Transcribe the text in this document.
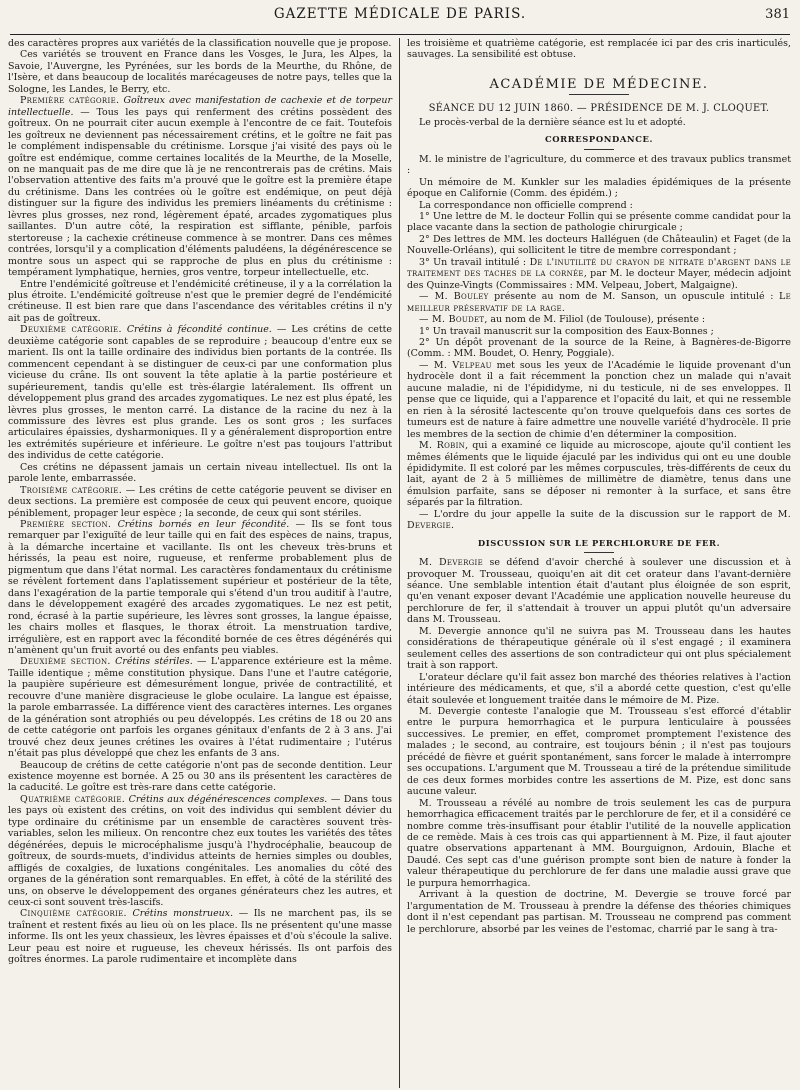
GAZETTE MÉDICALE DE PARIS.	381

des caractères propres aux variétés de la classification nouvelle que je propose.

Ces variétés se trouvent en France dans les Vosges, le Jura, les Alpes, la Savoie, l'Auvergne, les Pyrénées, sur les bords de la Meurthe, du Rhône, de l'Isère, et dans beaucoup de localités marécageuses de notre pays, telles que la Sologne, les Landes, le Berry, etc.

Première catégorie. Goîtreux avec manifestation de cachexie et de torpeur intellectuelle. — Tous les pays qui renferment des crétins possèdent des goîtreux. On ne pourrait citer aucun exemple à l'encontre de ce fait. Toutefois les goîtreux ne deviennent pas nécessairement crétins, et le goître ne fait pas le complément indispensable du crétinisme. Lorsque j'ai visité des pays où le goître est endémique, comme certaines localités de la Meurthe, de la Moselle, on ne manquait pas de me dire que là je ne rencontrerais pas de crétins. Mais l'observation attentive des faits m'a prouvé que le goître est la première étape du crétinisme. Dans les contrées où le goître est endémique, on peut déjà distinguer sur la figure des individus les premiers linéaments du crétinisme : lèvres plus grosses, nez rond, légèrement épaté, arcades zygomatiques plus saillantes. D'un autre côté, la respiration est sifflante, pénible, parfois stertoreuse ; la cachexie crétineuse commence à se montrer. Dans ces mêmes contrées, lorsqu'il y a complication d'éléments paludéens, la dégénérescence se montre sous un aspect qui se rapproche de plus en plus du crétinisme : tempérament lymphatique, hernies, gros ventre, torpeur intellectuelle, etc.

Entre l'endémicité goîtreuse et l'endémicité crétineuse, il y a la corrélation la plus étroite. L'endémicité goîtreuse n'est que le premier degré de l'endémicité crétineuse. Il est bien rare que dans l'ascendance des véritables crétins il n'y ait pas de goîtreux.

Deuxième catégorie. Crétins à fécondité continue. — Les crétins de cette deuxième catégorie sont capables de se reproduire ; beaucoup d'entre eux se marient. Ils ont la taille ordinaire des individus bien portants de la contrée. Ils commencent cependant à se distinguer de ceux-ci par une conformation plus vicieuse du crâne. Ils ont souvent la tête aplatie à la partie postérieure et supérieurement, tandis qu'elle est très-élargie latéralement. Ils offrent un développement plus grand des arcades zygomatiques. Le nez est plus épaté, les lèvres plus grosses, le menton carré. La distance de la racine du nez à la commissure des lèvres est plus grande. Les os sont gros ; les surfaces articulaires épaissies, dysharmoniques. Il y a généralement disproportion entre les extrémités supérieure et inférieure. Le goître n'est pas toujours l'attribut des individus de cette catégorie.

Ces crétins ne dépassent jamais un certain niveau intellectuel. Ils ont la parole lente, embarrassée.

Troisième catégorie. — Les crétins de cette catégorie peuvent se diviser en deux sections. La première est composée de ceux qui peuvent encore, quoique péniblement, propager leur espèce ; la seconde, de ceux qui sont stériles.

Première section. Crétins bornés en leur fécondité. — Ils se font tous remarquer par l'exiguïté de leur taille qui en fait des espèces de nains, trapus, à la démarche incertaine et vacillante. Ils ont les cheveux très-bruns et hérissés, la peau est noire, rugueuse, et renferme probablement plus de pigmentum que dans l'état normal. Les caractères fondamentaux du crétinisme se révèlent fortement dans l'aplatissement supérieur et postérieur de la tête, dans l'exagération de la partie temporale qui s'étend d'un trou auditif à l'autre, dans le développement exagéré des arcades zygomatiques. Le nez est petit, rond, écrasé à la partie supérieure, les lèvres sont grosses, la langue épaisse, les chairs molles et flasques, le thorax étroit. La menstruation tardive, irrégulière, est en rapport avec la fécondité bornée de ces êtres dégénérés qui n'amènent qu'un fruit avorté ou des enfants peu viables.

Deuxième section. Crétins stériles. — L'apparence extérieure est la même. Taille identique ; même constitution physique. Dans l'une et l'autre catégorie, la paupière supérieure est démesurément longue, privée de contractilité, et recouvre d'une manière disgracieuse le globe oculaire. La langue est épaisse, la parole embarrassée. La différence vient des caractères internes. Les organes de la génération sont atrophiés ou peu développés. Les crétins de 18 ou 20 ans de cette catégorie ont parfois les organes génitaux d'enfants de 2 à 3 ans. J'ai trouvé chez deux jeunes crétines les ovaires à l'état rudimentaire ; l'utérus n'était pas plus développé que chez les enfants de 3 ans.

Beaucoup de crétins de cette catégorie n'ont pas de seconde dentition. Leur existence moyenne est bornée. A 25 ou 30 ans ils présentent les caractères de la caducité. Le goître est très-rare dans cette catégorie.

Quatrième catégorie. Crétins aux dégénérescences complexes. — Dans tous les pays où existent des crétins, on voit des individus qui semblent dévier du type ordinaire du crétinisme par un ensemble de caractères souvent très-variables, selon les milieux. On rencontre chez eux toutes les variétés des têtes dégénérées, depuis le microcéphalisme jusqu'à l'hydrocéphalie, beaucoup de goîtreux, de sourds-muets, d'individus atteints de hernies simples ou doubles, affligés de coxalgies, de luxations congénitales. Les anomalies du côté des organes de la génération sont remarquables. En effet, à côté de la stérilité des uns, on observe le développement des organes générateurs chez les autres, et ceux-ci sont souvent très-lascifs.

Cinquième catégorie. Crétins monstrueux. — Ils ne marchent pas, ils se traînent et restent fixés au lieu où on les place. Ils ne présentent qu'une masse informe. Ils ont les yeux chassieux, les lèvres épaisses et d'où s'écoule la salive. Leur peau est noire et rugueuse, les cheveux hérissés. Ils ont parfois des goîtres énormes. La parole rudimentaire et incomplète dans

les troisième et quatrième catégorie, est remplacée ici par des cris inarticulés, sauvages. La sensibilité est obtuse.

ACADÉMIE DE MÉDECINE.
SÉANCE DU 12 JUIN 1860. — PRÉSIDENCE DE M. J. CLOQUET.

Le procès-verbal de la dernière séance est lu et adopté.

CORRESPONDANCE.

M. le ministre de l'agriculture, du commerce et des travaux publics transmet :

Un mémoire de M. Kunkler sur les maladies épidémiques de la présente époque en Californie (Comm. des épidém.) ;

La correspondance non officielle comprend :

1° Une lettre de M. le docteur Follin qui se présente comme candidat pour la place vacante dans la section de pathologie chirurgicale ;

2° Des lettres de MM. les docteurs Halléguen (de Châteaulin) et Faget (de la Nouvelle-Orléans), qui sollicitent le titre de membre correspondant ;

3° Un travail intitulé : De l'inutilité du crayon de nitrate d'argent dans le traitement des taches de la cornée, par M. le docteur Mayer, médecin adjoint des Quinze-Vingts (Commissaires : MM. Velpeau, Jobert, Malgaigne).

— M. Bouley présente au nom de M. Sanson, un opuscule intitulé : Le meilleur préservatif de la rage.

— M. Boudet, au nom de M. Filiol (de Toulouse), présente :

1° Un travail manuscrit sur la composition des Eaux-Bonnes ;

2° Un dépôt provenant de la source de la Reine, à Bagnères-de-Bigorre (Comm. : MM. Boudet, O. Henry, Poggiale).

— M. Velpeau met sous les yeux de l'Académie le liquide provenant d'un hydrocèle dont il a fait récemment la ponction chez un malade qui n'avait aucune maladie, ni de l'épididyme, ni du testicule, ni de ses enveloppes. Il pense que ce liquide, qui a l'apparence et l'opacité du lait, et qui ne ressemble en rien à la sérosité lactescente qu'on trouve quelquefois dans ces sortes de tumeurs est de nature à faire admettre une nouvelle variété d'hydrocèle. Il prie les membres de la section de chimie d'en déterminer la composition.

M. Robin, qui a examiné ce liquide au microscope, ajoute qu'il contient les mêmes éléments que le liquide éjaculé par les individus qui ont eu une double épididymite. Il est coloré par les mêmes corpuscules, très-différents de ceux du lait, ayant de 2 à 5 millièmes de millimètre de diamètre, tenus dans une émulsion parfaite, sans se déposer ni remonter à la surface, et sans être séparés par la filtration.

— L'ordre du jour appelle la suite de la discussion sur le rapport de M. Devergie.

DISCUSSION SUR LE PERCHLORURE DE FER.

M. Devergie se défend d'avoir cherché à soulever une discussion et à provoquer M. Trousseau, quoiqu'en ait dit cet orateur dans l'avant-dernière séance. Une semblable intention était d'autant plus éloignée de son esprit, qu'en venant exposer devant l'Académie une application nouvelle heureuse du perchlorure de fer, il s'attendait à trouver un appui plutôt qu'un adversaire dans M. Trousseau.

M. Devergie annonce qu'il ne suivra pas M. Trousseau dans les hautes considérations de thérapeutique générale où il s'est engagé ; il examinera seulement celles des assertions de son contradicteur qui ont plus spécialement trait à son rapport.

L'orateur déclare qu'il fait assez bon marché des théories relatives à l'action intérieure des médicaments, et que, s'il a abordé cette question, c'est qu'elle était soulevée et longuement traitée dans le mémoire de M. Pize.

M. Devergie conteste l'analogie que M. Trousseau s'est efforcé d'établir entre le purpura hemorrhagica et le purpura lenticulaire à poussées successives. Le premier, en effet, compromet promptement l'existence des malades ; le second, au contraire, est toujours bénin ; il n'est pas toujours précédé de fièvre et guérit spontanément, sans forcer le malade à interrompre ses occupations. L'argument que M. Trousseau a tiré de la prétendue similitude de ces deux formes morbides contre les assertions de M. Pize, est donc sans aucune valeur.

M. Trousseau a révélé au nombre de trois seulement les cas de purpura hemorrhagica efficacement traités par le perchlorure de fer, et il a considéré ce nombre comme très-insuffisant pour établir l'utilité de la nouvelle application de ce remède. Mais à ces trois cas qui appartiennent à M. Pize, il faut ajouter quatre observations appartenant à MM. Bourguignon, Ardouin, Blache et Daudé. Ces sept cas d'une guérison prompte sont bien de nature à fonder la valeur thérapeutique du perchlorure de fer dans une maladie aussi grave que le purpura hemorrhagica.

Arrivant à la question de doctrine, M. Devergie se trouve forcé par l'argumentation de M. Trousseau à prendre la défense des théories chimiques dont il n'est cependant pas partisan. M. Trousseau ne comprend pas comment le perchlorure, absorbé par les veines de l'estomac, charrié par le sang à tra-
